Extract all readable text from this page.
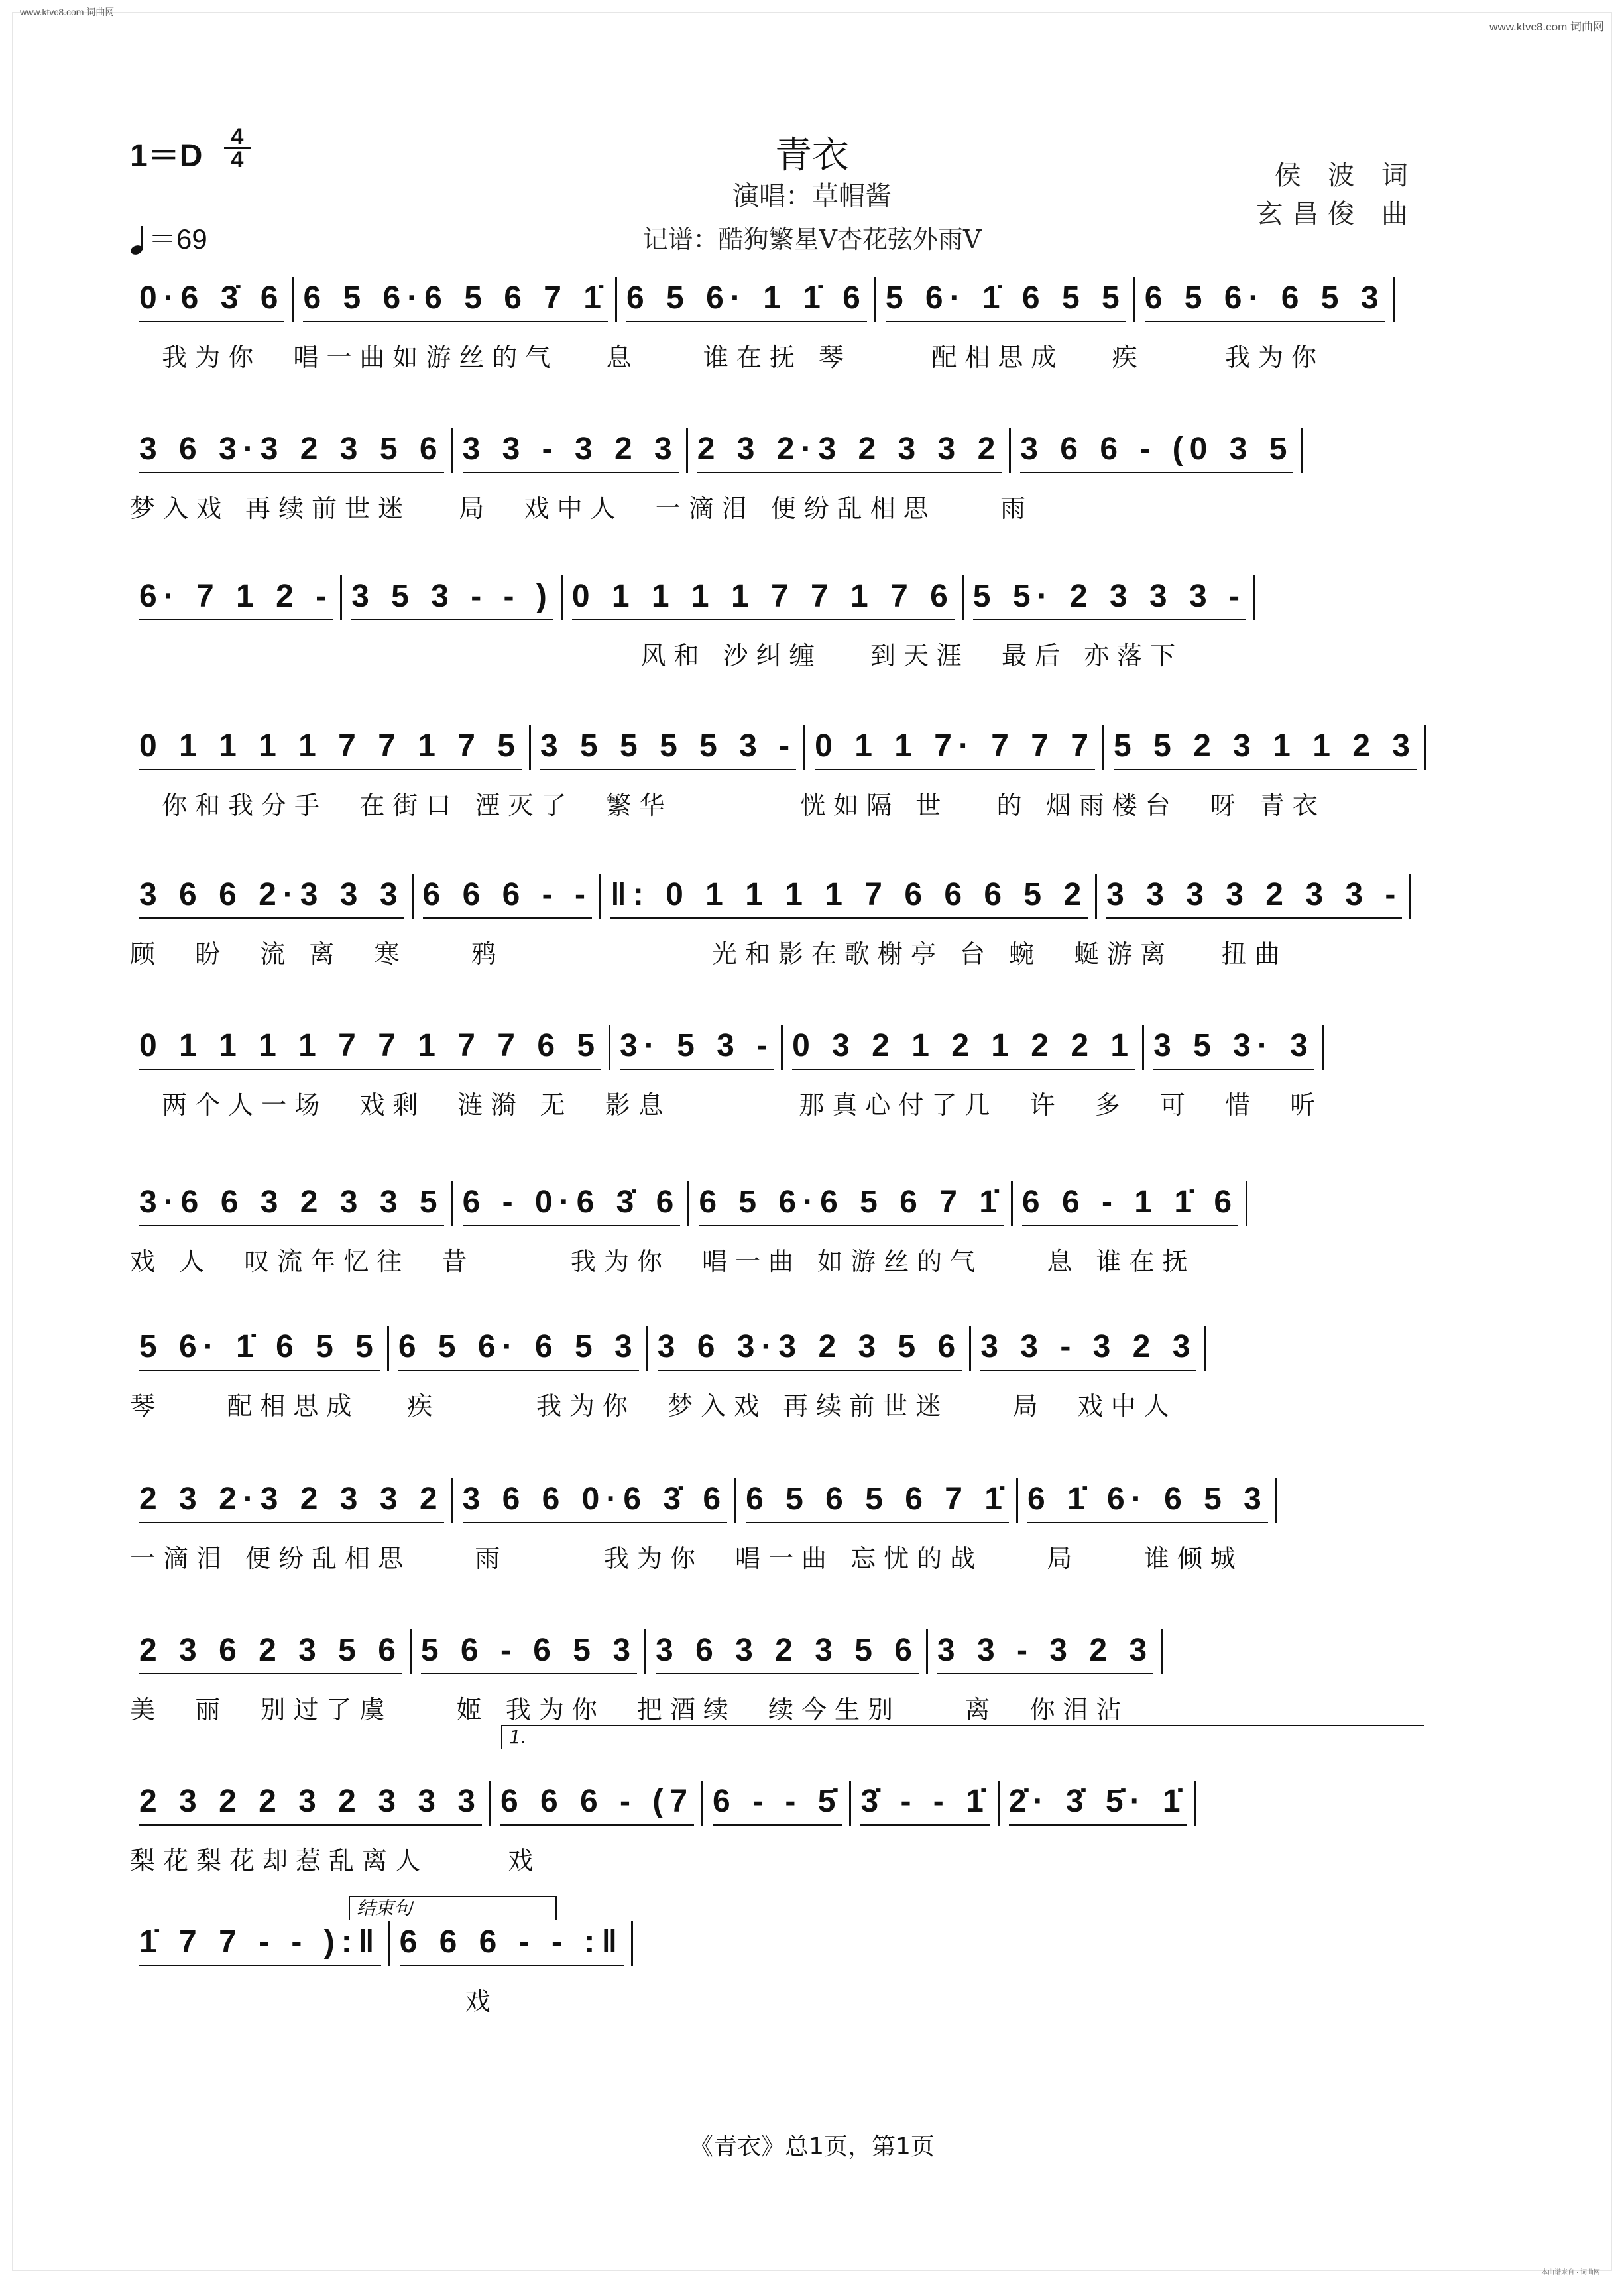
www.ktvc8.com 词曲网
www.ktvc8.com 词曲网
本曲谱来自 · 词曲网
1＝D
4
4
＝69
青衣
演唱：草帽酱
记谱：酷狗繁星V杏花弦外雨V
侯 波 词
玄昌俊 曲
0·6 3̇ 6 6 5 6·6 5 6 7 1̇ 6 5 6· 1 1̇ 6 5 6· 1̇ 6 5 5 6 5 6· 6 5 3
我为你  唱一曲如游丝的气   息    谁在抚 琴     配相思成   疾     我为你
3 6 3·3 2 3 5 6 3 3 - 3 2 3 2 3 2·3 2 3 3 2 3 6 6 - (0 3 5
梦入戏 再续前世迷   局  戏中人  一滴泪 便纷乱相思    雨
6· 7 1 2 - 3 5 3 - - ) 0 1 1 1 1 7 7 1 7 6 5 5· 2 3 3 3 -
风和 沙纠缠   到天涯  最后 亦落下
0 1 1 1 1 7 7 1 7 5 3 5 5 5 5 3 - 0 1 1 7· 7 7 7 5 5 2 3 1 1 2 3
你和我分手  在街口 湮灭了  繁华        恍如隔 世   的 烟雨楼台  呀 青衣
3 6 6 2·3 3 3 6 6 6 - - ‖: 0 1 1 1 1 7 6 6 6 5 2 3 3 3 3 2 3 3 -
顾  盼  流 离  寒    鸦             光和影在歌榭亭 台 蜿  蜒游离   扭曲
0 1 1 1 1 7 7 1 7 7 6 5 3· 5 3 - 0 3 2 1 2 1 2 2 1 3 5 3· 3
两个人一场  戏剩  涟漪 无  影息        那真心付了几  许  多  可  惜  听
3·6 6 3 2 3 3 5 6 - 0·6 3̇ 6 6 5 6·6 5 6 7 1̇ 6 6 - 1 1̇ 6
戏 人  叹流年忆往  昔      我为你  唱一曲 如游丝的气    息 谁在抚
5 6· 1̇ 6 5 5 6 5 6· 6 5 3 3 6 3·3 2 3 5 6 3 3 - 3 2 3
琴    配相思成   疾      我为你  梦入戏 再续前世迷    局  戏中人
2 3 2·3 2 3 3 2 3 6 6 0·6 3̇ 6 6 5 6 5 6 7 1̇ 6 1̇ 6· 6 5 3
一滴泪 便纷乱相思    雨      我为你  唱一曲 忘忧的战    局    谁倾城
2 3 6 2 3 5 6 5 6 - 6 5 3 3 6 3 2 3 5 6 3 3 - 3 2 3
美  丽  别过了虞    姬 我为你  把酒续  续今生别    离  你泪沾
2 3 2 2 3 2 3 3 3 6 6 6 - (7 6 - - 5̇ 3̇ - - 1̇ 2̇· 3̇ 5̇· 1̇
梨花梨花却惹乱离人     戏
1.
1̇ 7 7 - - ):‖ 6 6 6 - - :‖
戏
结束句
《青衣》总1页，第1页
